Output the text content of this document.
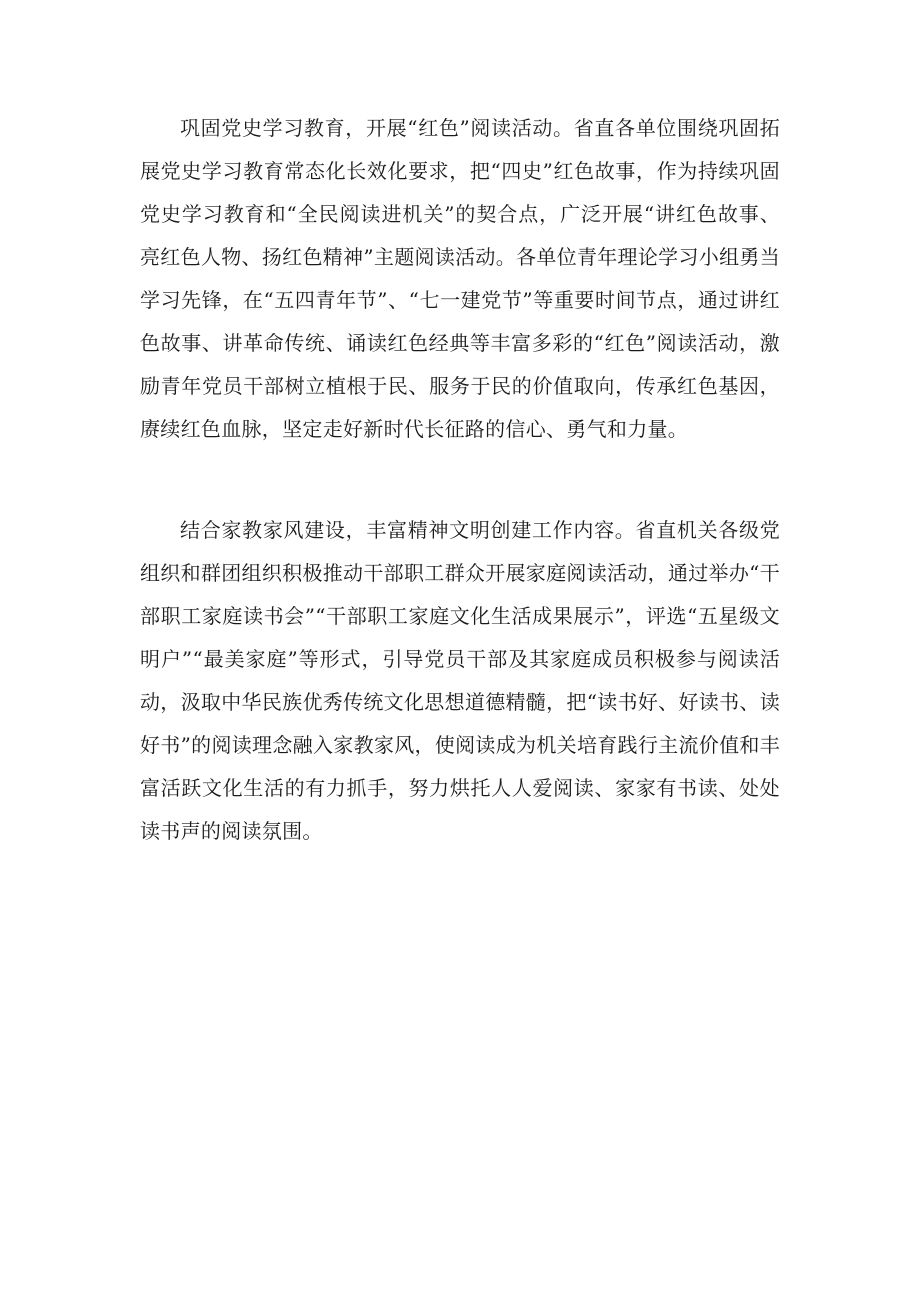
巩固党史学习教育，开展“红色”阅读活动。省直各单位围绕巩固拓展党史学习教育常态化长效化要求，把“四史”红色故事，作为持续巩固党史学习教育和“全民阅读进机关”的契合点，广泛开展“讲红色故事、亮红色人物、扬红色精神”主题阅读活动。各单位青年理论学习小组勇当学习先锋，在“五四青年节”、“七一建党节”等重要时间节点，通过讲红色故事、讲革命传统、诵读红色经典等丰富多彩的“红色”阅读活动，激励青年党员干部树立植根于民、服务于民的价值取向，传承红色基因，赓续红色血脉，坚定走好新时代长征路的信心、勇气和力量。

结合家教家风建设，丰富精神文明创建工作内容。省直机关各级党组织和群团组织积极推动干部职工群众开展家庭阅读活动，通过举办“干部职工家庭读书会”“干部职工家庭文化生活成果展示”，评选“五星级文明户”“最美家庭”等形式，引导党员干部及其家庭成员积极参与阅读活动，汲取中华民族优秀传统文化思想道德精髓，把“读书好、好读书、读好书”的阅读理念融入家教家风，使阅读成为机关培育践行主流价值和丰富活跃文化生活的有力抓手，努力烘托人人爱阅读、家家有书读、处处读书声的阅读氛围。
